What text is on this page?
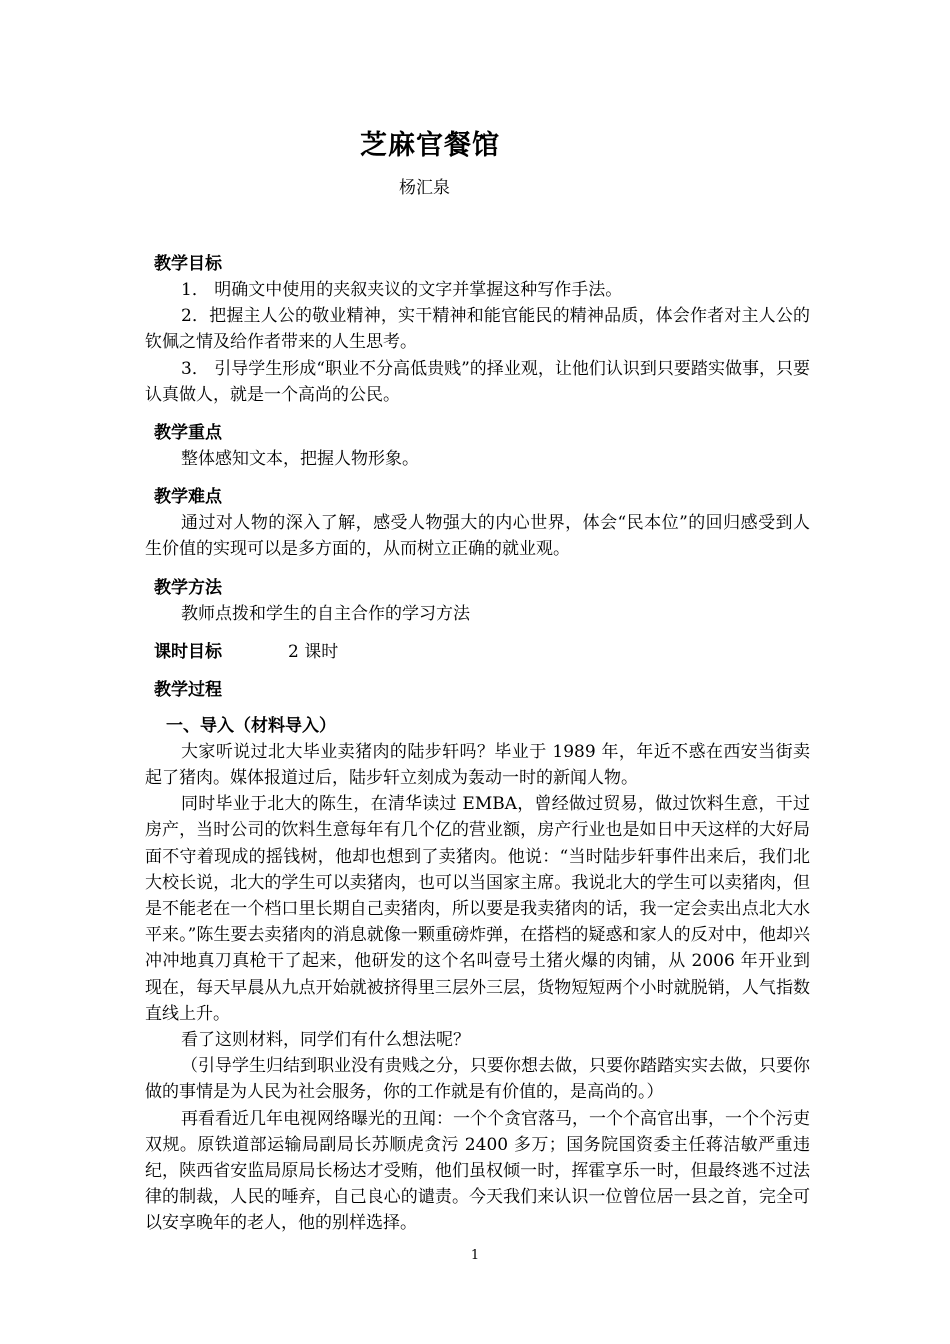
芝麻官餐馆
杨汇泉
教学目标

1． 明确文中使用的夹叙夹议的文字并掌握这种写作手法。

2．把握主人公的敬业精神，实干精神和能官能民的精神品质，体会作者对主人公的钦佩之情及给作者带来的人生思考。

3． 引导学生形成“职业不分高低贵贱”的择业观，让他们认识到只要踏实做事，只要认真做人，就是一个高尚的公民。

教学重点

整体感知文本，把握人物形象。

教学难点

通过对人物的深入了解，感受人物强大的内心世界，体会“民本位”的回归感受到人生价值的实现可以是多方面的，从而树立正确的就业观。

教学方法

教师点拨和学生的自主合作的学习方法

课时目标	2 课时
教学过程
一、导入（材料导入）

大家听说过北大毕业卖猪肉的陆步轩吗？毕业于 1989 年，年近不惑在西安当街卖起了猪肉。媒体报道过后，陆步轩立刻成为轰动一时的新闻人物。

同时毕业于北大的陈生，在清华读过 EMBA，曾经做过贸易，做过饮料生意，干过房产，当时公司的饮料生意每年有几个亿的营业额，房产行业也是如日中天这样的大好局面不守着现成的摇钱树，他却也想到了卖猪肉。他说：“当时陆步轩事件出来后，我们北大校长说，北大的学生可以卖猪肉，也可以当国家主席。我说北大的学生可以卖猪肉，但是不能老在一个档口里长期自己卖猪肉，所以要是我卖猪肉的话，我一定会卖出点北大水平来。”陈生要去卖猪肉的消息就像一颗重磅炸弹，在搭档的疑惑和家人的反对中，他却兴冲冲地真刀真枪干了起来，他研发的这个名叫壹号土猪火爆的肉铺，从 2006 年开业到现在，每天早晨从九点开始就被挤得里三层外三层，货物短短两个小时就脱销，人气指数直线上升。

看了这则材料，同学们有什么想法呢？

（引导学生归结到职业没有贵贱之分，只要你想去做，只要你踏踏实实去做，只要你做的事情是为人民为社会服务，你的工作就是有价值的，是高尚的。）

再看看近几年电视网络曝光的丑闻：一个个贪官落马，一个个高官出事，一个个污吏双规。原铁道部运输局副局长苏顺虎贪污 2400 多万；国务院国资委主任蒋洁敏严重违纪，陕西省安监局原局长杨达才受贿，他们虽权倾一时，挥霍享乐一时，但最终逃不过法律的制裁，人民的唾弃，自己良心的谴责。今天我们来认识一位曾位居一县之首，完全可以安享晚年的老人，他的别样选择。

1
